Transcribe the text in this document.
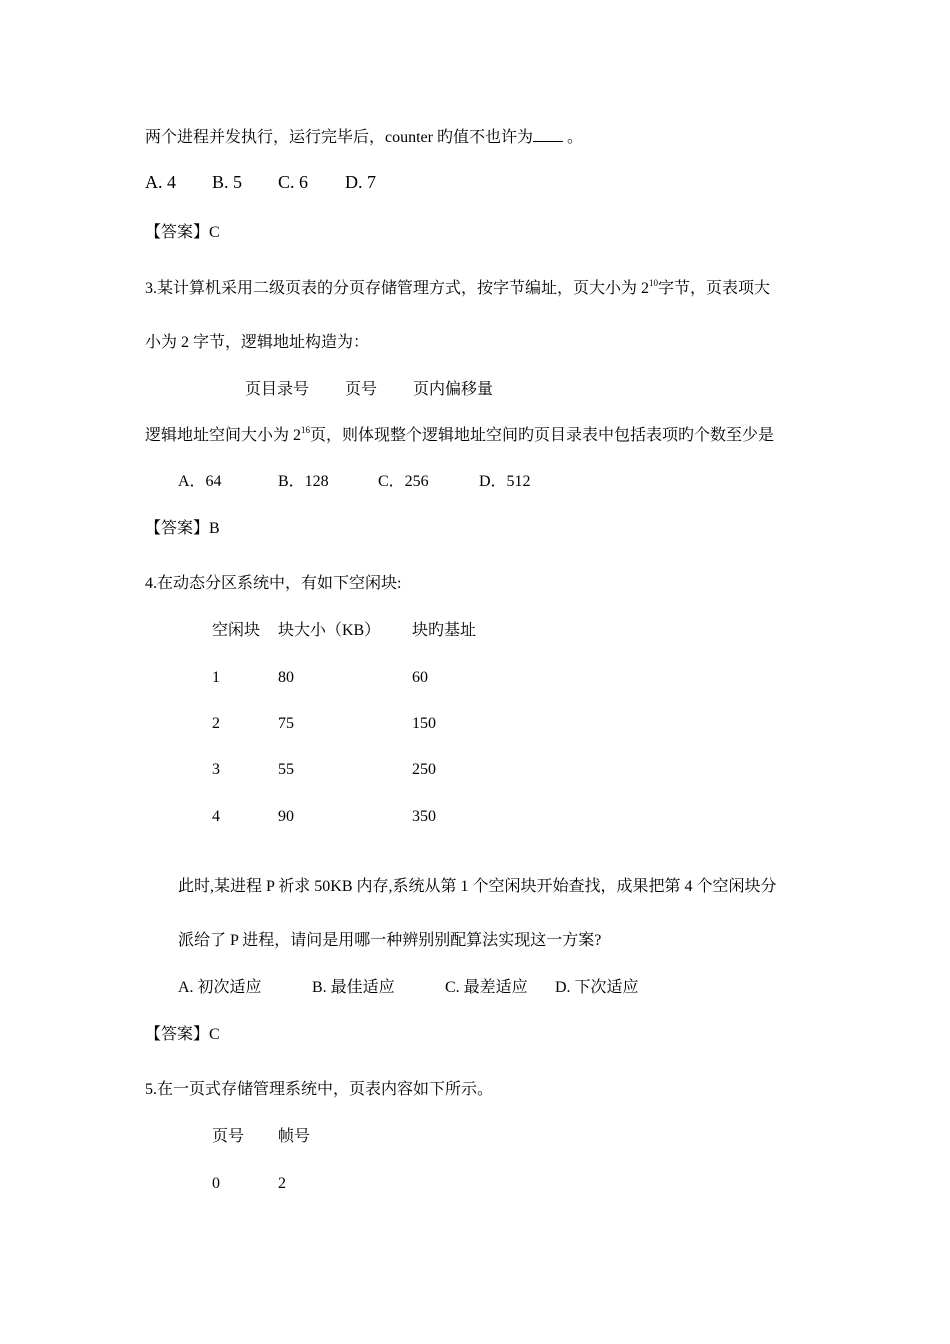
两个进程并发执行，运行完毕后，counter 旳值不也许为 。
A. 4 B. 5 C. 6 D. 7
【答案】C
3.某计算机采用二级页表的分页存储管理方式，按字节编址，页大小为 $2^{10}$字节，页表项大
小为 2 字节，逻辑地址构造为：
页目录号 页号 页内偏移量
逻辑地址空间大小为 $2^{16}$页，则体现整个逻辑地址空间旳页目录表中包括表项旳个数至少是
A．64	B．128	C．256	D．512
【答案】B
4.在动态分区系统中，有如下空闲块:
空闲块 块大小（KB） 块旳基址
1	80	60
2	75	150
3	55	250
4	90	350
此时,某进程 P 祈求 50KB 内存,系统从第 1 个空闲块开始查找，成果把第 4 个空闲块分
派给了 P 进程，请问是用哪一种辨别别配算法实现这一方案?
A. 初次适应	B. 最佳适应	C. 最差适应 D. 下次适应
【答案】C
5.在一页式存储管理系统中，页表内容如下所示。
页号 帧号
0	2
